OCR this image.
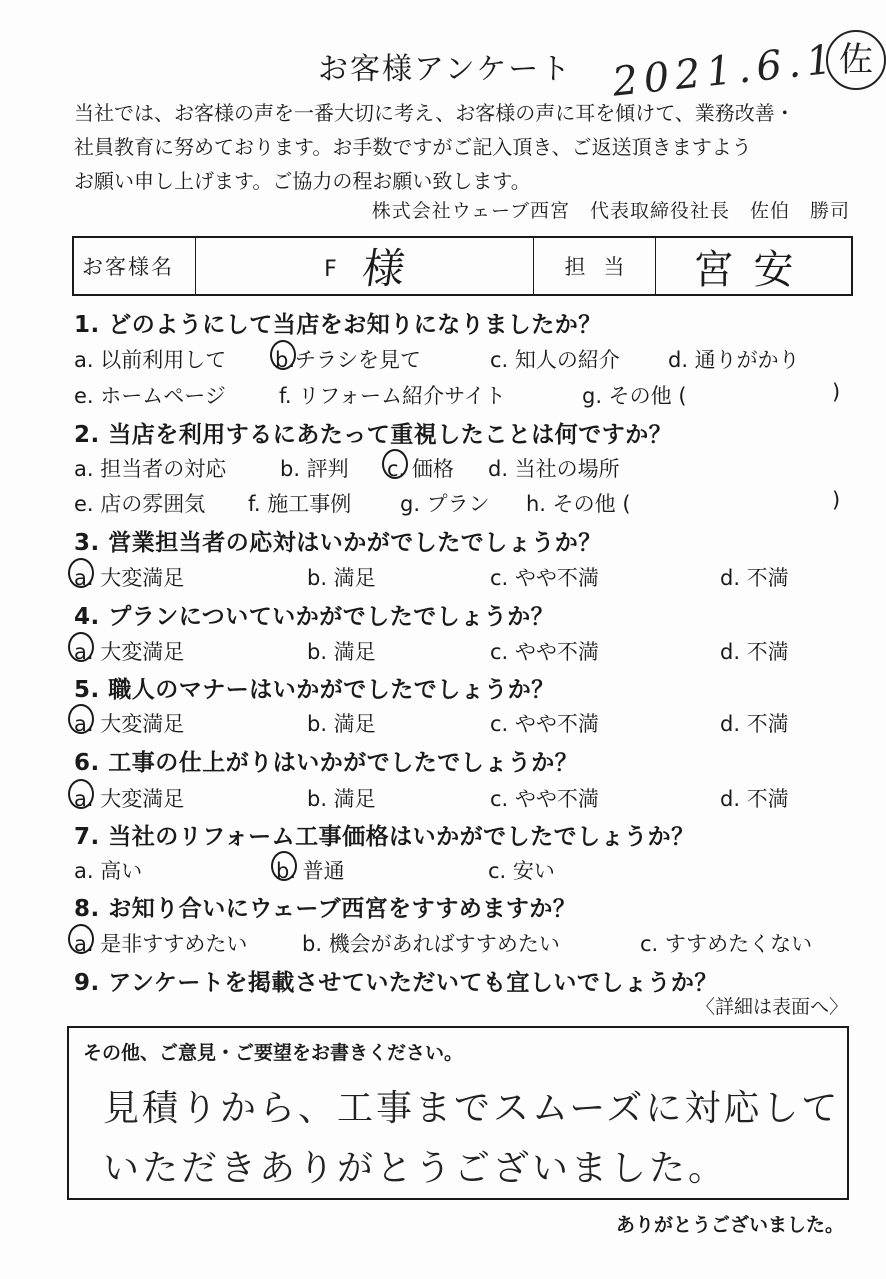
お客様アンケート 2021.6.1 佐
当社では、お客様の声を一番大切に考え、お客様の声に耳を傾けて、業務改善・
社員教育に努めております。お手数ですがご記入頂き、ご返送頂きますよう
お願い申し上げます。ご協力の程お願い致します。
株式会社ウェーブ西宮　代表取締役社長　佐伯　勝司
お客様名	F 様	担当	宮安
1. どのようにして当店をお知りになりましたか？
a. 以前利用して b.チラシを見て	c. 知人の紹介 d. 通りがかり
e. ホームページ	f. リフォーム紹介サイト	g. その他 (	)
2. 当店を利用するにあたって重視したことは何ですか？
a. 担当者の対応	b. 評判 c. 価格 d. 当社の場所
e. 店の雰囲気 f. 施工事例 g. プラン h. その他 (	)
3. 営業担当者の応対はいかがでしたでしょうか？
a. 大変満足	b. 満足	c. やや不満	d. 不満
4. プランについていかがでしたでしょうか？
a. 大変満足	b. 満足	c. やや不満	d. 不満
5. 職人のマナーはいかがでしたでしょうか？
a. 大変満足	b. 満足	c. やや不満	d. 不満
6. 工事の仕上がりはいかがでしたでしょうか？
a. 大変満足	b. 満足	c. やや不満	d. 不満
7. 当社のリフォーム工事価格はいかがでしたでしょうか？
a. 高い	b. 普通	c. 安い
8. お知り合いにウェーブ西宮をすすめますか？
a. 是非すすめたい	b. 機会があればすすめたい	c. すすめたくない
9. アンケートを掲載させていただいても宜しいでしょうか？
〈詳細は表面へ〉
その他、ご意見・ご要望をお書きください。
見積りから、工事までスムーズに対応して
いただきありがとうございました。
ありがとうございました。
